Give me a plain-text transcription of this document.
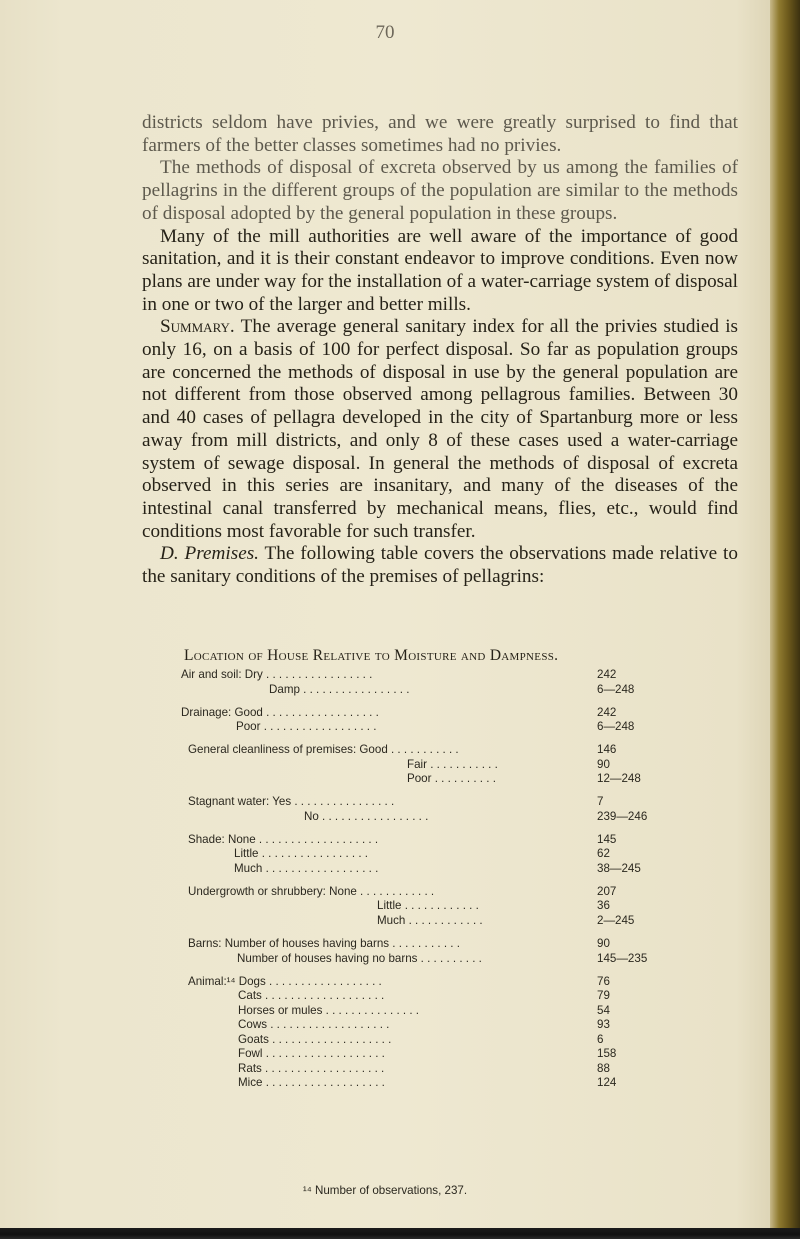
70

districts seldom have privies, and we were greatly surprised to find that farmers of the better classes sometimes had no privies.

The methods of disposal of excreta observed by us among the families of pellagrins in the different groups of the population are similar to the methods of disposal adopted by the general population in these groups.

Many of the mill authorities are well aware of the importance of good sanitation, and it is their constant endeavor to improve conditions. Even now plans are under way for the installation of a water-carriage system of disposal in one or two of the larger and better mills.

Summary. The average general sanitary index for all the privies studied is only 16, on a basis of 100 for perfect disposal. So far as population groups are concerned the methods of disposal in use by the general population are not different from those observed among pellagrous families. Between 30 and 40 cases of pellagra developed in the city of Spartanburg more or less away from mill districts, and only 8 of these cases used a water-carriage system of sewage disposal. In general the methods of disposal of excreta observed in this series are insanitary, and many of the diseases of the intestinal canal transferred by mechanical means, flies, etc., would find conditions most favorable for such transfer.

D. Premises. The following table covers the observations made relative to the sanitary conditions of the premises of pellagrins:

Location of House Relative to Moisture and Dampness.
Air and soil: Dry . . . . . . . . . . . . . . . . .	242
Damp . . . . . . . . . . . . . . . . .	6—248
Drainage: Good . . . . . . . . . . . . . . . . . .	242
Poor . . . . . . . . . . . . . . . . . .	6—248
General cleanliness of premises: Good . . . . . . . . . . .	146
Fair . . . . . . . . . . .	90
Poor . . . . . . . . . .	12—248
Stagnant water: Yes . . . . . . . . . . . . . . . .	7
No . . . . . . . . . . . . . . . . .	239—246
Shade: None . . . . . . . . . . . . . . . . . . .	145
Little . . . . . . . . . . . . . . . . .	62
Much . . . . . . . . . . . . . . . . . .	38—245
Undergrowth or shrubbery: None . . . . . . . . . . . .	207
Little . . . . . . . . . . . .	36
Much . . . . . . . . . . . .	2—245
Barns: Number of houses having barns . . . . . . . . . . .	90
Number of houses having no barns . . . . . . . . . .	145—235
Animal:¹⁴ Dogs . . . . . . . . . . . . . . . . . .	76
Cats . . . . . . . . . . . . . . . . . . .	79
Horses or mules . . . . . . . . . . . . . . .	54
Cows . . . . . . . . . . . . . . . . . . .	93
Goats . . . . . . . . . . . . . . . . . . .	6
Fowl . . . . . . . . . . . . . . . . . . .	158
Rats . . . . . . . . . . . . . . . . . . .	88
Mice . . . . . . . . . . . . . . . . . . .	124
¹⁴ Number of observations, 237.
